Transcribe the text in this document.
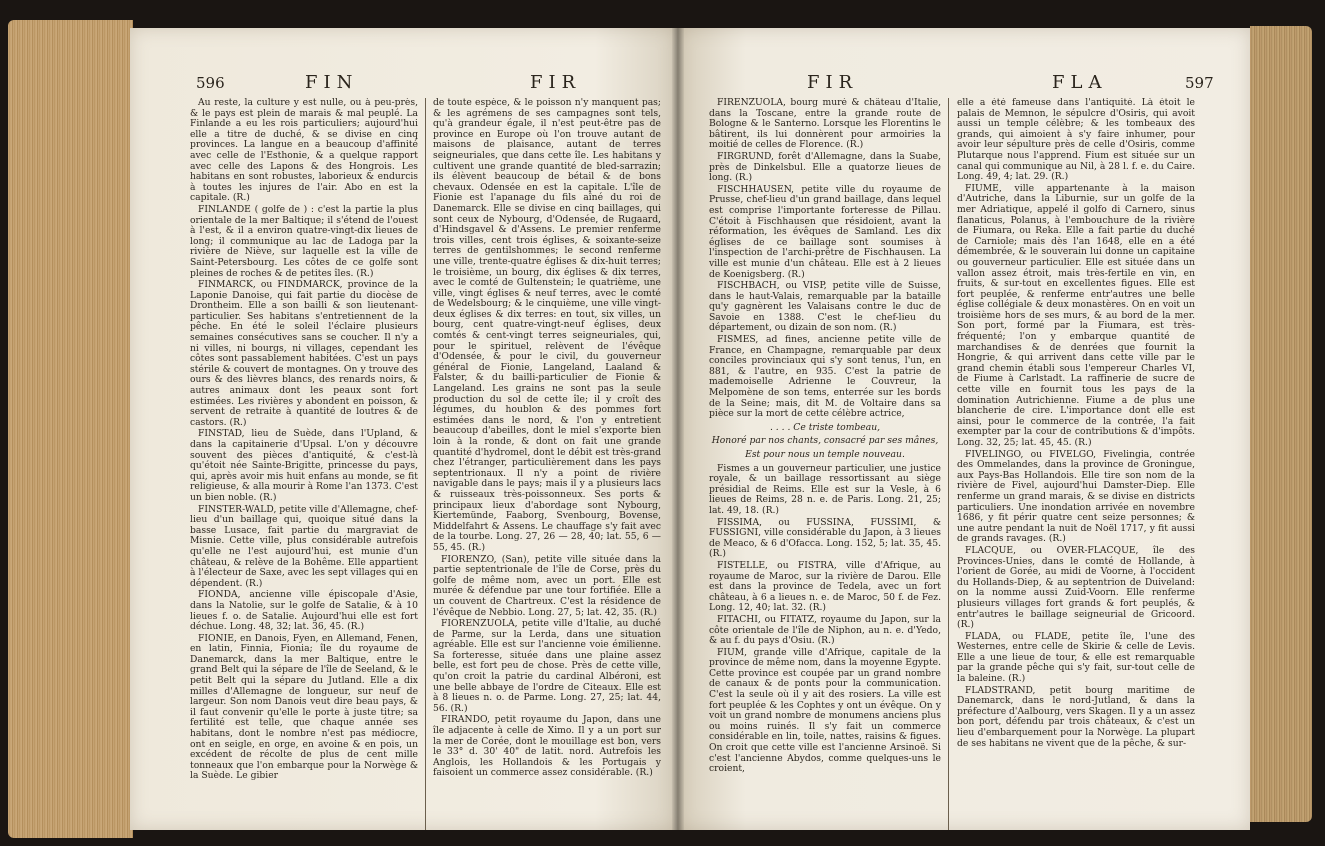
596	FIN	FIR

Au reste, la culture y est nulle, ou à peu-près, & le pays est plein de marais & mal peuplé. La Finlande a eu les rois particuliers; aujourd'hui elle a titre de duché, & se divise en cinq provinces. La langue en a beaucoup d'affinité avec celle de l'Esthonie, & a quelque rapport avec celle des Lapons & des Hongrois. Les habitans en sont robustes, laborieux & endurcis à toutes les injures de l'air. Abo en est la capitale. (R.)

FINLANDE ( golfe de ) : c'est la partie la plus orientale de la mer Baltique; il s'étend de l'ouest à l'est, & il a environ quatre-vingt-dix lieues de long; il communique au lac de Ladoga par la rivière de Niève, sur laquelle est la ville de Saint-Petersbourg. Les côtes de ce golfe sont pleines de roches & de petites îles. (R.)

FINMARCK, ou FINDMARCK, province de la Laponie Danoise, qui fait partie du diocèse de Drontheim. Elle a son bailli & son lieutenant-particulier. Ses habitans s'entretiennent de la pêche. En été le soleil l'éclaire plusieurs semaines consécutives sans se coucher. Il n'y a ni villes, ni bourgs, ni villages, cependant les côtes sont passablement habitées. C'est un pays stérile & couvert de montagnes. On y trouve des ours & des lièvres blancs, des renards noirs, & autres animaux dont les peaux sont fort estimées. Les rivières y abondent en poisson, & servent de retraite à quantité de loutres & de castors. (R.)

FINSTAD, lieu de Suède, dans l'Upland, & dans la capitainerie d'Upsal. L'on y découvre souvent des pièces d'antiquité, & c'est-là qu'étoit née Sainte-Brigitte, princesse du pays, qui, après avoir mis huit enfans au monde, se fit religieuse, & alla mourir à Rome l'an 1373. C'est un bien noble. (R.)

FINSTER-WALD, petite ville d'Allemagne, chef-lieu d'un baillage qui, quoique situé dans la basse Lusace, fait partie du margraviat de Misnie. Cette ville, plus considérable autrefois qu'elle ne l'est aujourd'hui, est munie d'un château, & relève de la Bohême. Elle appartient à l'électeur de Saxe, avec les sept villages qui en dépendent. (R.)

FIONDA, ancienne ville épiscopale d'Asie, dans la Natolie, sur le golfe de Satalie, & à 10 lieues f. o. de Satalie. Aujourd'hui elle est fort déchue. Long. 48, 32; lat. 36, 45. (R.)

FIONIE, en Danois, Fyen, en Allemand, Fenen, en latin, Finnia, Fionia; île du royaume de Danemarck, dans la mer Baltique, entre le grand Belt qui la sépare de l'île de Seeland, & le petit Belt qui la sépare du Jutland. Elle a dix milles d'Allemagne de longueur, sur neuf de largeur. Son nom Danois veut dire beau pays, & il faut convenir qu'elle le porte à juste titre; sa fertilité est telle, que chaque année ses habitans, dont le nombre n'est pas médiocre, ont en seigle, en orge, en avoine & en pois, un excédent de récolte de plus de cent mille tonneaux que l'on embarque pour la Norwège & la Suède. Le gibier

de toute espèce, & le poisson n'y manquent pas; & les agrémens de ses campagnes sont tels, qu'à grandeur égale, il n'est peut-être pas de province en Europe où l'on trouve autant de maisons de plaisance, autant de terres seigneuriales, que dans cette île. Les habitans y cultivent une grande quantité de bled-sarrazin; ils élèvent beaucoup de bétail & de bons chevaux. Odensée en est la capitale. L'île de Fionie est l'apanage du fils aîné du roi de Danemarck. Elle se divise en cinq baillages, qui sont ceux de Nybourg, d'Odensée, de Rugaard, d'Hindsgavel & d'Assens. Le premier renferme trois villes, cent trois églises, & soixante-seize terres de gentilshommes; le second renferme une ville, trente-quatre églises & dix-huit terres; le troisième, un bourg, dix églises & dix terres, avec le comté de Gultenstein; le quatrième, une ville, vingt églises & neuf terres, avec le comté de Wedelsbourg; & le cinquième, une ville vingt-deux églises & dix terres: en tout, six villes, un bourg, cent quatre-vingt-neuf églises, deux comtés & cent-vingt terres seigneuriales, qui, pour le spirituel, relèvent de l'évêque d'Odensée, & pour le civil, du gouverneur général de Fionie, Langeland, Laaland & Falster, & du bailli-particulier de Fionie & Langeland. Les grains ne sont pas la seule production du sol de cette île; il y croît des légumes, du houblon & des pommes fort estimées dans le nord, & l'on y entretient beaucoup d'abeilles, dont le miel s'exporte bien loin à la ronde, & dont on fait une grande quantité d'hydromel, dont le débit est très-grand chez l'étranger, particulièrement dans les pays septentrionaux. Il n'y a point de rivière navigable dans le pays; mais il y a plusieurs lacs & ruisseaux très-poissonneux. Ses ports & principaux lieux d'abordage sont Nybourg, Kiertemünde, Faaborg, Svenbourg, Bovense, Middelfahrt & Assens. Le chauffage s'y fait avec de la tourbe. Long. 27, 26 — 28, 40; lat. 55, 6 — 55, 45. (R.)

FIORENZO, (San), petite ville située dans la partie septentrionale de l'île de Corse, près du golfe de même nom, avec un port. Elle est murée & défendue par une tour fortifiée. Elle a un couvent de Chartreux. C'est la résidence de l'évêque de Nebbio. Long. 27, 5; lat. 42, 35. (R.)

FIORENZUOLA, petite ville d'Italie, au duché de Parme, sur la Lerda, dans une situation agréable. Elle est sur l'ancienne voie émilienne. Sa forteresse, située dans une plaine assez belle, est fort peu de chose. Près de cette ville, qu'on croit la patrie du cardinal Albéroni, est une belle abbaye de l'ordre de Citeaux. Elle est à 8 lieues n. o. de Parme. Long. 27, 25; lat. 44, 56. (R.)

FIRANDO, petit royaume du Japon, dans une île adjacente à celle de Ximo. Il y a un port sur la mer de Corée, dont le mouillage est bon, vers le 33° d. 30' 40" de latit. nord. Autrefois les Anglois, les Hollandois & les Portugais y faisoient un commerce assez considérable. (R.)

FIR	FLA	597

FIRENZUOLA, bourg muré & château d'Italie, dans la Toscane, entre la grande route de Bologne & le Santerno. Lorsque les Florentins le bâtirent, ils lui donnèrent pour armoiries la moitié de celles de Florence. (R.)

FIRGRUND, forêt d'Allemagne, dans la Suabe, près de Dinkelsbul. Elle a quatorze lieues de long. (R.)

FISCHHAUSEN, petite ville du royaume de Prusse, chef-lieu d'un grand baillage, dans lequel est comprise l'importante forteresse de Pillau. C'étoit à Fischhausen que résidoient, avant la réformation, les évêques de Samland. Les dix églises de ce baillage sont soumises à l'inspection de l'archi-prêtre de Fischhausen. La ville est munie d'un château. Elle est à 2 lieues de Koenigsberg. (R.)

FISCHBACH, ou VISP, petite ville de Suisse, dans le haut-Valais, remarquable par la bataille qu'y gagnèrent les Valaisans contre le duc de Savoie en 1388. C'est le chef-lieu du département, ou dizain de son nom. (R.)

FISMES, ad fines, ancienne petite ville de France, en Champagne, remarquable par deux conciles provinciaux qui s'y sont tenus, l'un, en 881, & l'autre, en 935. C'est la patrie de mademoiselle Adrienne le Couvreur, la Melpomène de son tems, enterrée sur les bords de la Seine; mais, dit M. de Voltaire dans sa pièce sur la mort de cette célèbre actrice,

. . . . Ce triste tombeau,
Honoré par nos chants, consacré par ses mânes,
Est pour nous un temple nouveau.

Fismes a un gouverneur particulier, une justice royale, & un baillage ressortissant au siège présidial de Reims. Elle est sur la Vesle, à 6 lieues de Reims, 28 n. e. de Paris. Long. 21, 25; lat. 49, 18. (R.)

FISSIMA, ou FUSSINA, FUSSIMI, & FUSSIGNI, ville considérable du Japon, à 3 lieues de Meaco, & 6 d'Ofacca. Long. 152, 5; lat. 35, 45. (R.)

FISTELLE, ou FISTRA, ville d'Afrique, au royaume de Maroc, sur la rivière de Darou. Elle est dans la province de Tedela, avec un fort château, à 6 a lieues n. e. de Maroc, 50 f. de Fez. Long. 12, 40; lat. 32. (R.)

FITACHI, ou FITATZ, royaume du Japon, sur la côte orientale de l'île de Niphon, au n. e. d'Yedo, & au f. du pays d'Osiu. (R.)

FIUM, grande ville d'Afrique, capitale de la province de même nom, dans la moyenne Egypte. Cette province est coupée par un grand nombre de canaux & de ponts pour la communication. C'est la seule où il y ait des rosiers. La ville est fort peuplée & les Cophtes y ont un évêque. On y voit un grand nombre de monumens anciens plus ou moins ruinés. Il s'y fait un commerce considérable en lin, toile, nattes, raisins & figues. On croit que cette ville est l'ancienne Arsinoë. Si c'est l'ancienne Abydos, comme quelques-uns le croient,

elle a été fameuse dans l'antiquité. Là étoit le palais de Memnon, le sépulcre d'Osiris, qui avoit aussi un temple célèbre; & les tombeaux des grands, qui aimoient à s'y faire inhumer, pour avoir leur sépulture près de celle d'Osiris, comme Plutarque nous l'apprend. Fium est située sur un canal qui communique au Nil, à 28 l. f. e. du Caire. Long. 49, 4; lat. 29. (R.)

FIUME, ville appartenante à la maison d'Autriche, dans la Liburnie, sur un golfe de la mer Adriatique, appelé il golfo di Carnero, sinus flanaticus, Polanus, à l'embouchure de la rivière de Fiumara, ou Reka. Elle a fait partie du duché de Carniole; mais dès l'an 1648, elle en a été démembrée, & le souverain lui donne un capitaine ou gouverneur particulier. Elle est située dans un vallon assez étroit, mais très-fertile en vin, en fruits, & sur-tout en excellentes figues. Elle est fort peuplée, & renferme entr'autres une belle église collégiale & deux monastères. On en voit un troisième hors de ses murs, & au bord de la mer. Son port, formé par la Fiumara, est très-fréquenté; l'on y embarque quantité de marchandises & de denrées que fournit la Hongrie, & qui arrivent dans cette ville par le grand chemin établi sous l'empereur Charles VI, de Fiume à Carlstadt. La raffinerie de sucre de cette ville en fournit tous les pays de la domination Autrichienne. Fiume a de plus une blancherie de cire. L'importance dont elle est ainsi, pour le commerce de la contrée, l'a fait exempter par la cour de contributions & d'impôts. Long. 32, 25; lat. 45, 45. (R.)

FIVELINGO, ou FIVELGO, Fivelingia, contrée des Ommelandes, dans la province de Groningue, aux Pays-Bas Hollandois. Elle tire son nom de la rivière de Fivel, aujourd'hui Damster-Diep. Elle renferme un grand marais, & se divise en districts particuliers. Une inondation arrivée en novembre 1686, y fit périr quatre cent seize personnes; & une autre pendant la nuit de Noël 1717, y fit aussi de grands ravages. (R.)

FLACQUE, ou OVER-FLACQUE, île des Provinces-Unies, dans le comté de Hollande, à l'orient de Gorée, au midi de Voorne, à l'occident du Hollands-Diep, & au septentrion de Duiveland: on la nomme aussi Zuid-Voorn. Elle renferme plusieurs villages fort grands & fort peuplés, & entr'autres le baillage seigneurial de Gricoord. (R.)

FLADA, ou FLADE, petite île, l'une des Westernes, entre celle de Skirie & celle de Levis. Elle a une lieue de tour, & elle est remarquable par la grande pêche qui s'y fait, sur-tout celle de la baleine. (R.)

FLADSTRAND, petit bourg maritime de Danemarck, dans le nord-Jutland, & dans la préfecture d'Aalbourg, vers Skagen. Il y a un assez bon port, défendu par trois châteaux, & c'est un lieu d'embarquement pour la Norwège. La plupart de ses habitans ne vivent que de la pêche, & sur-
